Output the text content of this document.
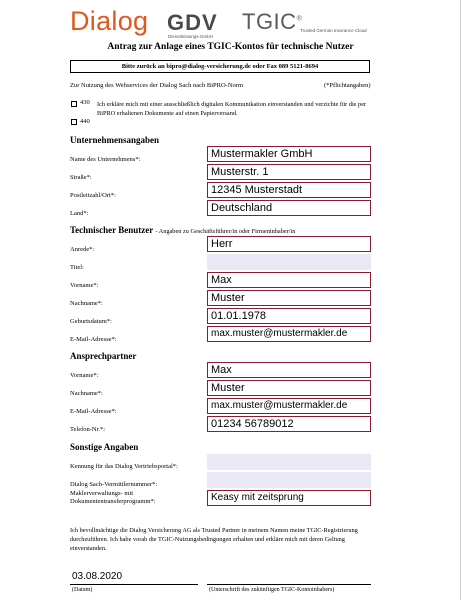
Dialog GDV
Dienstleistungs-GmbH
TGIC®
Trusted German Insurance Cloud
Antrag zur Anlage eines TGIC-Kontos für technische Nutzer
Bitte zurück an bipro@dialog-versicherung.de oder Fax 089 5121-8694
Zur Nutzung des Webservices der Dialog Sach nach BiPRO-Norm	(*Pflichtangaben)
430 Ich erkläre mich mit einer ausschließlich digitalen Kommunikation einverstanden und verzichte für die per BiPRO erhaltenen Dokumente auf einen Papierversand.
440
Unternehmensangaben
Name des Unternehmens*:	Mustermakler GmbH
Straße*:	Musterstr. 1
Postleitzahl/Ort*:	12345 Musterstadt
Land*:	Deutschland
Technischer Benutzer - Angaben zu Geschäftsführer/in oder Firmeninhaber/in
Anrede*:	Herr
Titel:
Vorname*:	Max
Nachname*:	Muster
Geburtsdatum*:	01.01.1978
E-Mail-Adresse*:
max.muster@mustermakler.de
Ansprechpartner
Vorname*:	Max
Nachname*:	Muster
E-Mail-Adresse*:
max.muster@mustermakler.de
Telefon-Nr.*:	01234 56789012
Sonstige Angaben
Kennung für das Dialog Vertriebsportal*:
Dialog Sach-Vermittlernummer*:
Maklerverwaltungs- mit
Dokumententransferprogramm*:	Keasy mit zeitsprung
Ich bevollmächtige die Dialog Versicherung AG als Trusted Partner in meinem Namen meine TGIC-Registrierung durchzuführen. Ich habe vorab die TGIC-Nutzungsbedingungen erhalten und erkläre mich mit deren Geltung einverstanden.
03.08.2020
(Datum)	(Unterschrift des zukünftigen TGIC-Kontoinhabers)
